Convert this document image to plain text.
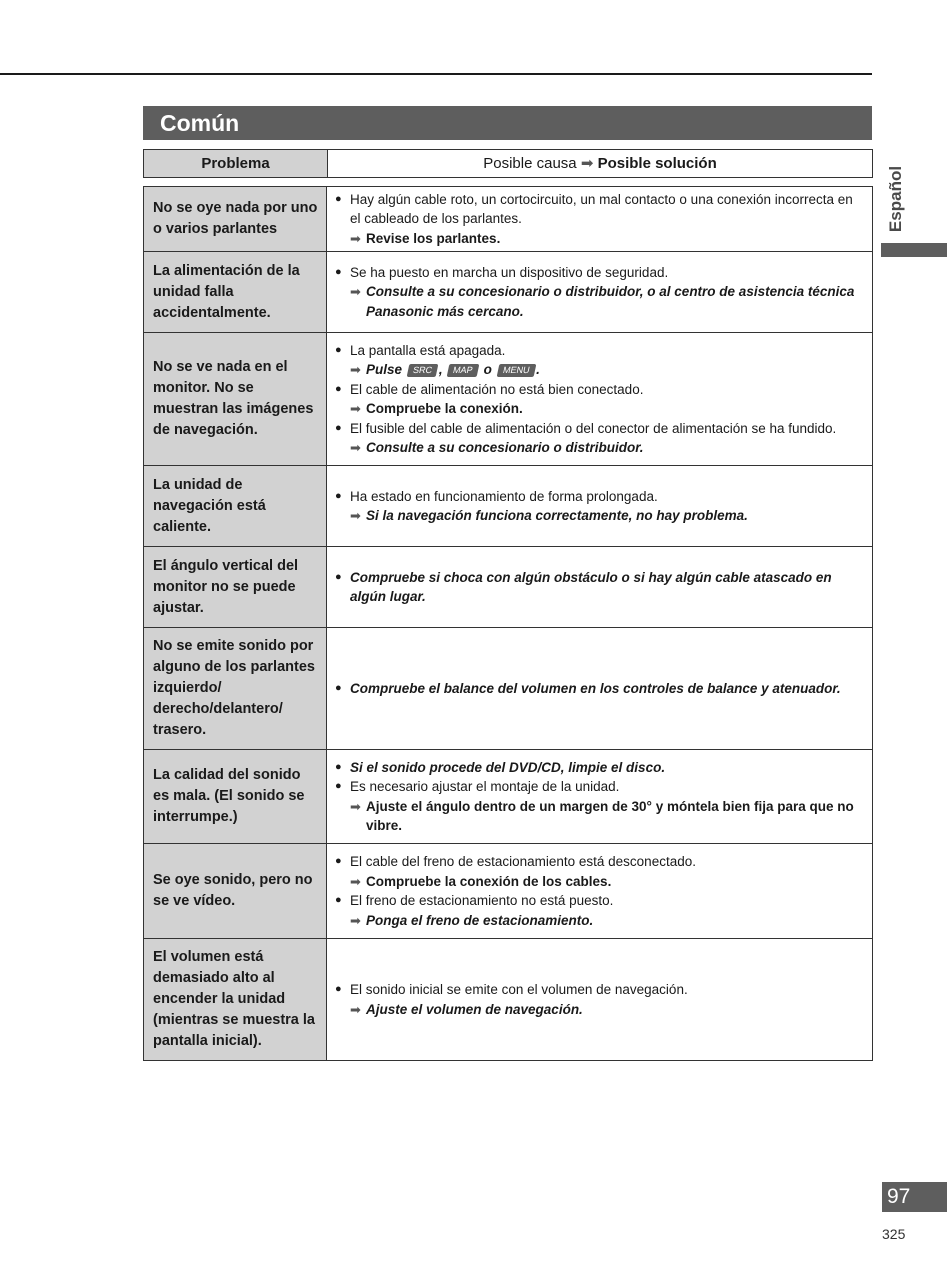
Común
Problema	Posible causa ➡ Posible solución
No se oye nada por uno o varios parlantes
● Hay algún cable roto, un cortocircuito, un mal contacto o una conexión incorrecta en el cableado de los parlantes.
➡ Revise los parlantes.
La alimentación de la unidad falla accidentalmente.
● Se ha puesto en marcha un dispositivo de seguridad.
➡ Consulte a su concesionario o distribuidor, o al centro de asistencia técnica Panasonic más cercano.
No se ve nada en el monitor. No se muestran las imágenes de navegación.
● La pantalla está apagada.
➡ Pulse SRC , MAP o MENU .
● El cable de alimentación no está bien conectado.
➡ Compruebe la conexión.
● El fusible del cable de alimentación o del conector de alimentación se ha fundido.
➡ Consulte a su concesionario o distribuidor.
La unidad de navegación está caliente.
● Ha estado en funcionamiento de forma prolongada.
➡ Si la navegación funciona correctamente, no hay problema.
El ángulo vertical del monitor no se puede ajustar.
● Compruebe si choca con algún obstáculo o si hay algún cable atascado en algún lugar.
No se emite sonido por alguno de los parlantes izquierdo/ derecho/delantero/ trasero.
● Compruebe el balance del volumen en los controles de balance y atenuador.
La calidad del sonido es mala. (El sonido se interrumpe.)
● Si el sonido procede del DVD/CD, limpie el disco.
● Es necesario ajustar el montaje de la unidad.
➡ Ajuste el ángulo dentro de un margen de 30° y móntela bien fija para que no vibre.
Se oye sonido, pero no se ve vídeo.
● El cable del freno de estacionamiento está desconectado.
➡ Compruebe la conexión de los cables.
● El freno de estacionamiento no está puesto.
➡ Ponga el freno de estacionamiento.
El volumen está demasiado alto al encender la unidad (mientras se muestra la pantalla inicial).
● El sonido inicial se emite con el volumen de navegación.
➡ Ajuste el volumen de navegación.
Español
97
325
